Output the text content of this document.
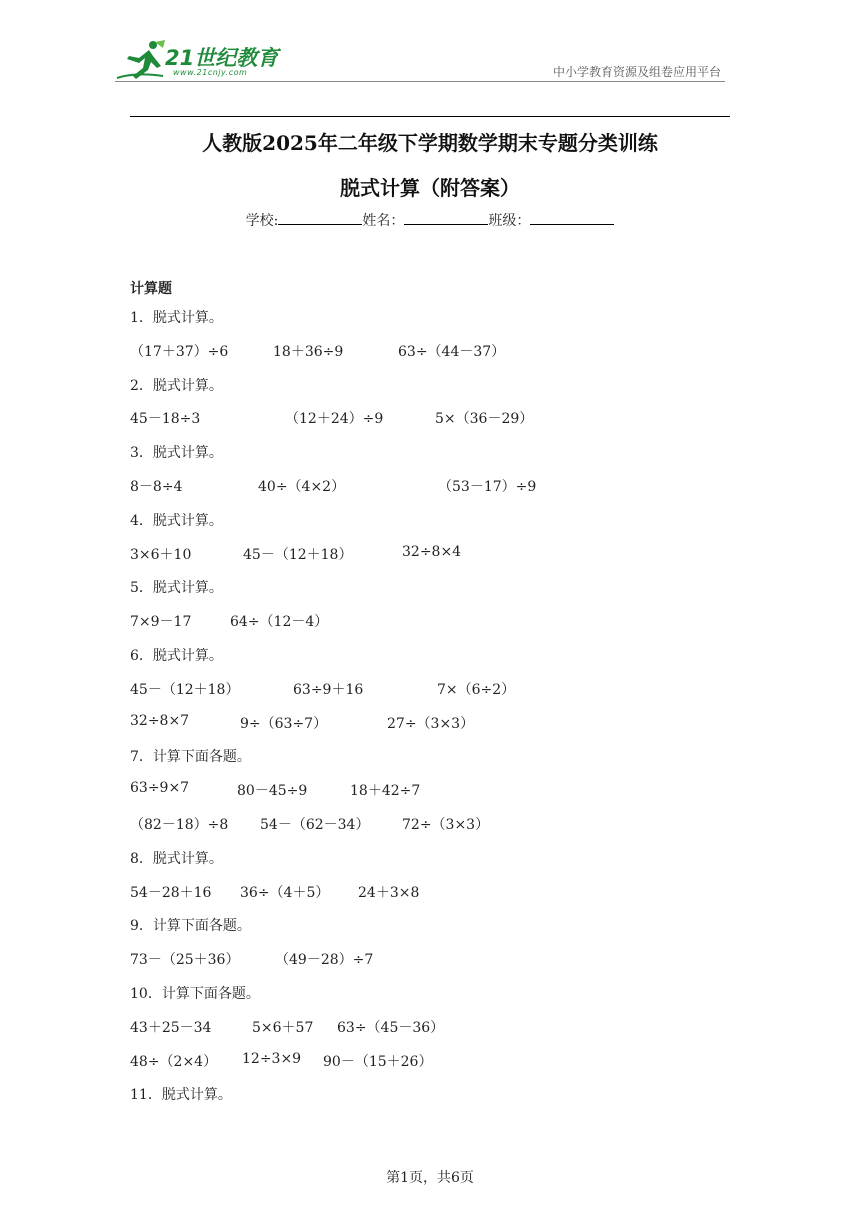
21世纪教育
www.21cnjy.com	中小学教育资源及组卷应用平台
人教版2025年二年级下学期数学期末专题分类训练
脱式计算（附答案）
学校:	姓名：	班级：
计算题
1．脱式计算。
（17＋37）÷6	18＋36÷9	63÷（44－37）
2．脱式计算。
45－18÷3	（12＋24）÷9	5×（36－29）
3．脱式计算。
8－8÷4	40÷（4×2）	（53－17）÷9
4．脱式计算。
3×6＋10	45－（12＋18）	32÷8×4
5．脱式计算。
7×9－17	64÷（12－4）
6．脱式计算。
45－（12＋18）	63÷9＋16	7×（6÷2）
32÷8×7	9÷（63÷7）	27÷（3×3）
7．计算下面各题。
63÷9×7	80－45÷9	18＋42÷7
（82－18）÷8 54－（62－34） 72÷（3×3）
8．脱式计算。
54－28＋16 36÷（4＋5） 24＋3×8
9．计算下面各题。
73－（25＋36）	（49－28）÷7
10．计算下面各题。
43＋25－34	5×6＋57 63÷（45－36）
48÷（2×4） 12÷3×9 90－（15＋26）
11．脱式计算。
第1页，共6页
